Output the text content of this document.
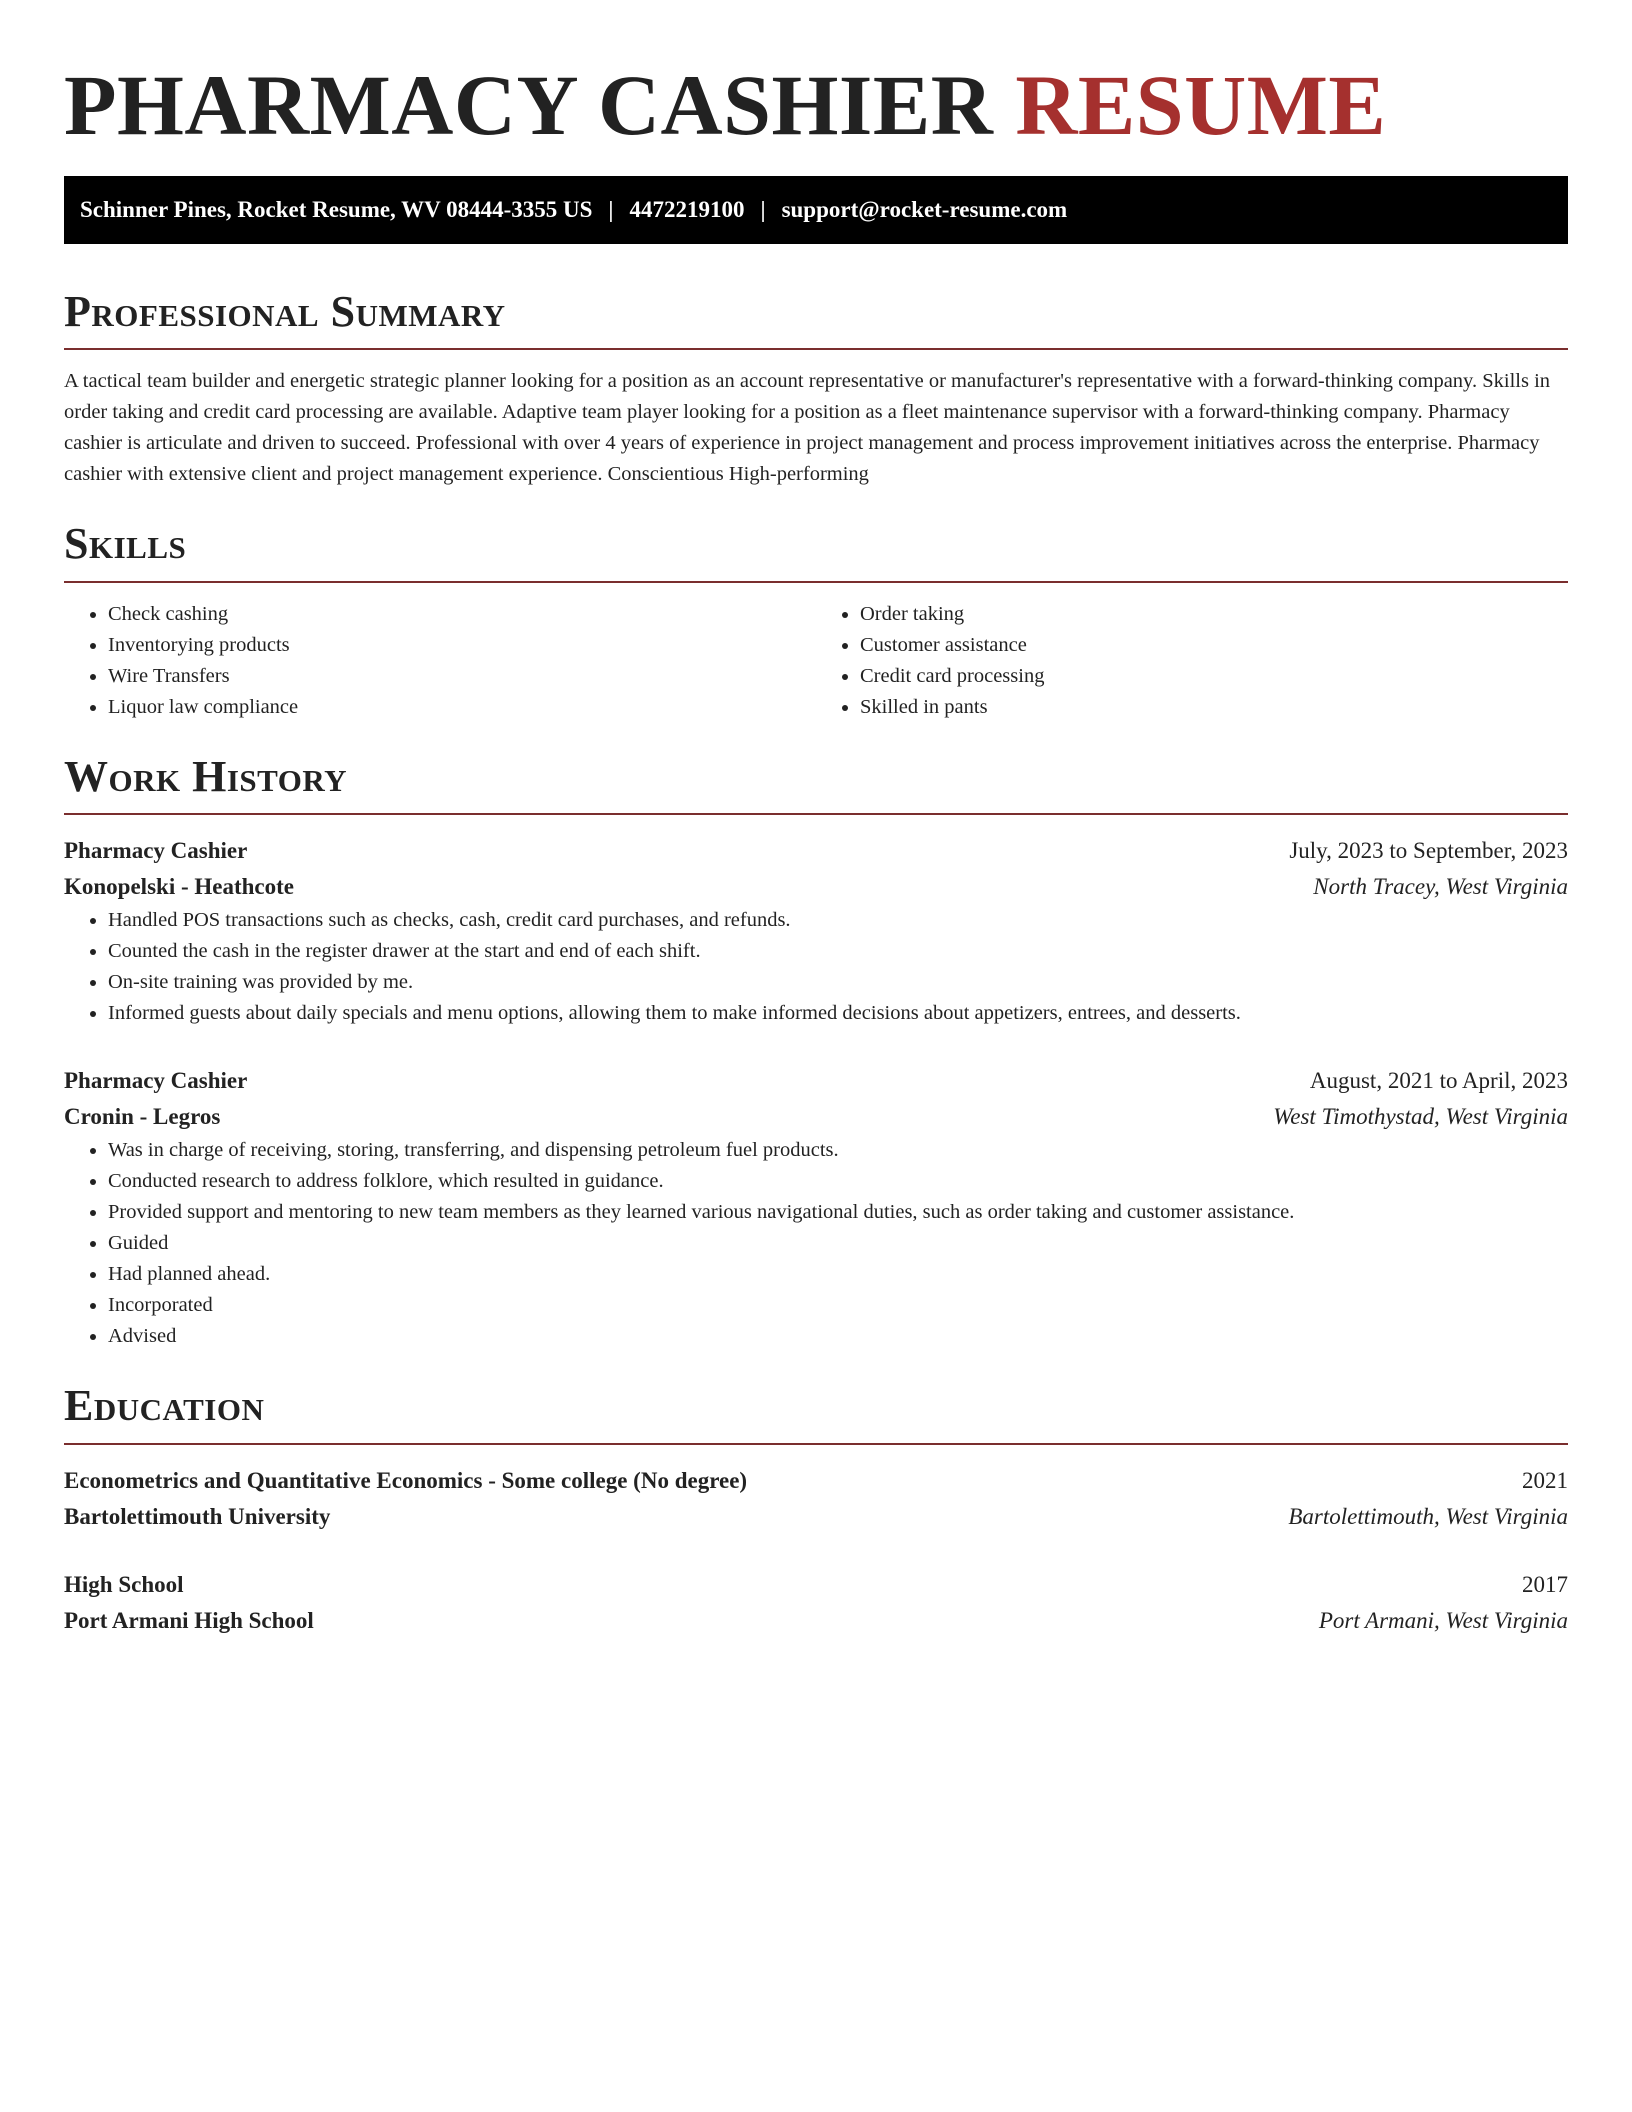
PHARMACY CASHIER RESUME
Schinner Pines, Rocket Resume, WV 08444-3355 US | 4472219100 | support@rocket-resume.com
Professional Summary

A tactical team builder and energetic strategic planner looking for a position as an account representative or manufacturer's representative with a forward-thinking company. Skills in order taking and credit card processing are available. Adaptive team player looking for a position as a fleet maintenance supervisor with a forward-thinking company. Pharmacy cashier is articulate and driven to succeed. Professional with over 4 years of experience in project management and process improvement initiatives across the enterprise. Pharmacy cashier with extensive client and project management experience. Conscientious High-performing

Skills
• Check cashing
• Inventorying products
• Wire Transfers
• Liquor law compliance
• Order taking
• Customer assistance
• Credit card processing
• Skilled in pants
Work History
Pharmacy Cashier	July, 2023 to September, 2023
Konopelski - Heathcote	North Tracey, West Virginia
• Handled POS transactions such as checks, cash, credit card purchases, and refunds.
• Counted the cash in the register drawer at the start and end of each shift.
• On-site training was provided by me.
• Informed guests about daily specials and menu options, allowing them to make informed decisions about appetizers, entrees, and desserts.
Pharmacy Cashier	August, 2021 to April, 2023
Cronin - Legros	West Timothystad, West Virginia
• Was in charge of receiving, storing, transferring, and dispensing petroleum fuel products.
• Conducted research to address folklore, which resulted in guidance.
• Provided support and mentoring to new team members as they learned various navigational duties, such as order taking and customer assistance.
• Guided
• Had planned ahead.
• Incorporated
• Advised
Education
Econometrics and Quantitative Economics - Some college (No degree)	2021
Bartolettimouth University	Bartolettimouth, West Virginia
High School	2017
Port Armani High School	Port Armani, West Virginia
